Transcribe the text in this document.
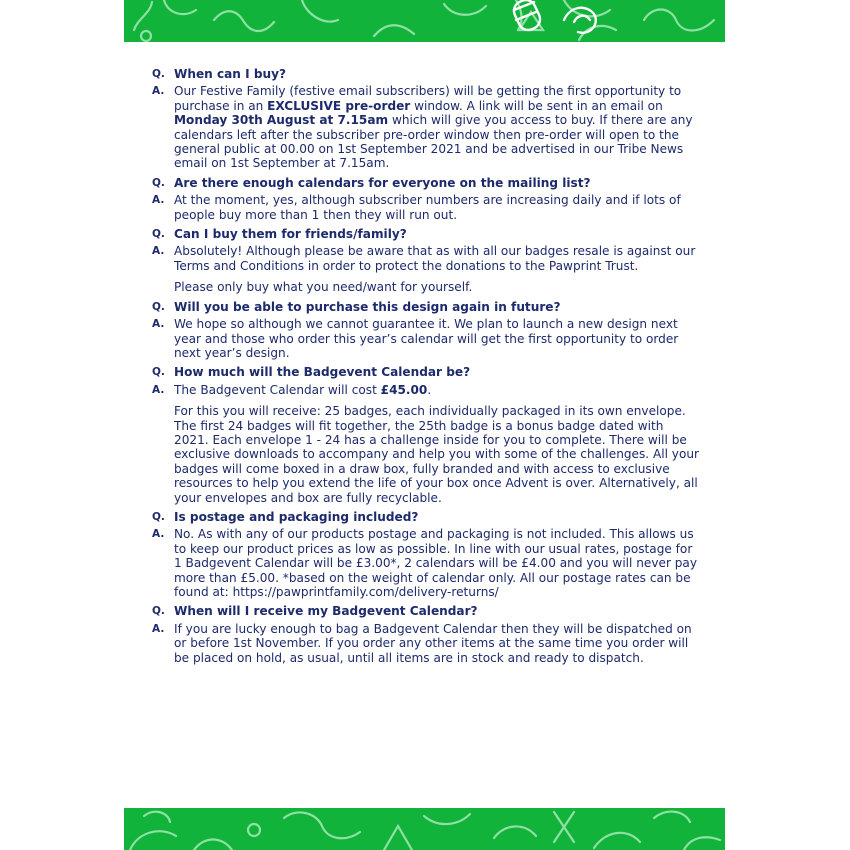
Q. When can I buy?
A. Our Festive Family (festive email subscribers) will be getting the first opportunity to purchase in an EXCLUSIVE pre-order window. A link will be sent in an email on Monday 30th August at 7.15am which will give you access to buy. If there are any calendars left after the subscriber pre-order window then pre-order will open to the general public at 00.00 on 1st September 2021 and be advertised in our Tribe News email on 1st September at 7.15am.
Q. Are there enough calendars for everyone on the mailing list?
A. At the moment, yes, although subscriber numbers are increasing daily and if lots of people buy more than 1 then they will run out.
Q. Can I buy them for friends/family?
A. Absolutely! Although please be aware that as with all our badges resale is against our Terms and Conditions in order to protect the donations to the Pawprint Trust.
Please only buy what you need/want for yourself.
Q. Will you be able to purchase this design again in future?
A. We hope so although we cannot guarantee it. We plan to launch a new design next year and those who order this year’s calendar will get the first opportunity to order next year’s design.
Q. How much will the Badgevent Calendar be?
A. The Badgevent Calendar will cost £45.00.
For this you will receive: 25 badges, each individually packaged in its own envelope. The first 24 badges will fit together, the 25th badge is a bonus badge dated with 2021. Each envelope 1 - 24 has a challenge inside for you to complete. There will be exclusive downloads to accompany and help you with some of the challenges. All your badges will come boxed in a draw box, fully branded and with access to exclusive resources to help you extend the life of your box once Advent is over. Alternatively, all your envelopes and box are fully recyclable.
Q. Is postage and packaging included?
A. No. As with any of our products postage and packaging is not included. This allows us to keep our product prices as low as possible. In line with our usual rates, postage for 1 Badgevent Calendar will be £3.00*, 2 calendars will be £4.00 and you will never pay more than £5.00. *based on the weight of calendar only. All our postage rates can be found at: https://pawprintfamily.com/delivery-returns/
Q. When will I receive my Badgevent Calendar?
A. If you are lucky enough to bag a Badgevent Calendar then they will be dispatched on or before 1st November. If you order any other items at the same time you order will be placed on hold, as usual, until all items are in stock and ready to dispatch.
